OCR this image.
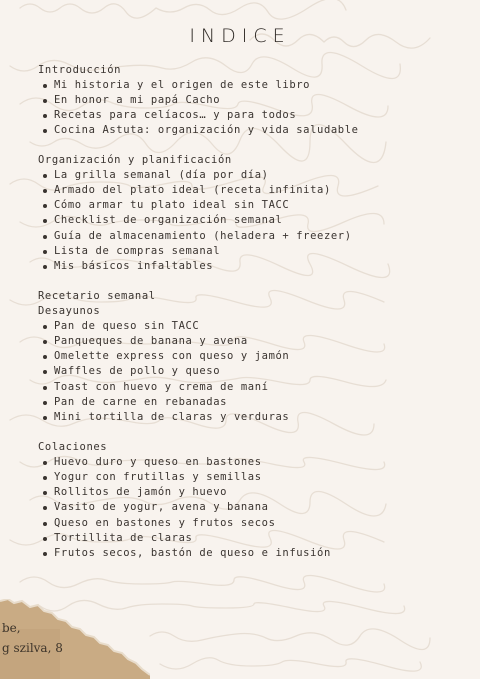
INDICE
Introducción
Mi historia y el origen de este libro
En honor a mi papá Cacho
Recetas para celíacos… y para todos
Cocina Astuta: organización y vida saludable
Organización y planificación
La grilla semanal (día por día)
Armado del plato ideal (receta infinita)
Cómo armar tu plato ideal sin TACC
Checklist de organización semanal
Guía de almacenamiento (heladera + freezer)
Lista de compras semanal
Mis básicos infaltables
Recetario semanal
Desayunos
Pan de queso sin TACC
Panqueques de banana y avena
Omelette express con queso y jamón
Waffles de pollo y queso
Toast con huevo y crema de maní
Pan de carne en rebanadas
Mini tortilla de claras y verduras
Colaciones
Huevo duro y queso en bastones
Yogur con frutillas y semillas
Rollitos de jamón y huevo
Vasito de yogur, avena y banana
Queso en bastones y frutos secos
Tortillita de claras
Frutos secos, bastón de queso e infusión
be,
g szilva, 8
